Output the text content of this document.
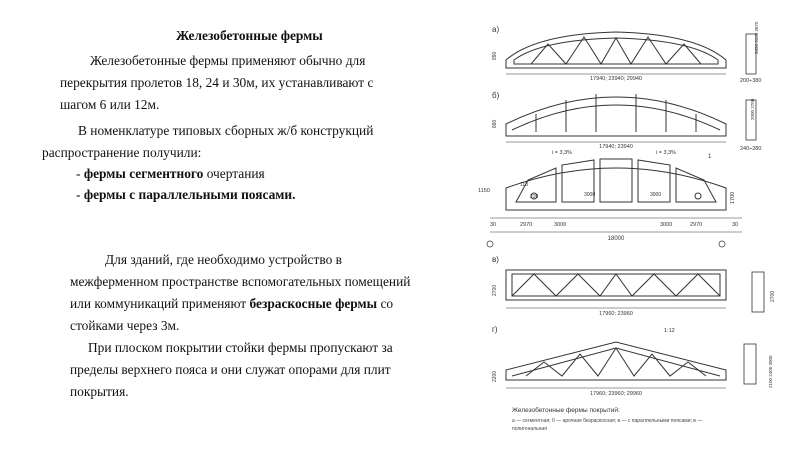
Железобетонные фермы
Железобетонные фермы применяют обычно для
перекрытия пролетов 18, 24 и 30м, их устанавливают с
шагом 6 или 12м.
В номенклатуре типовых сборных ж/б конструкций
распространение получили:
- фермы сегментного очертания
- фермы с параллельными поясами.
Для зданий, где необходимо устройство в
межферменном пространстве вспомогательных помещений
или коммуникаций применяют безраскосные фермы со
стойками через 3м.
При плоском покрытии стойки фермы пропускают за
пределы верхнего пояса и они служат опорами для плит
покрытия.
а)
890
17940; 23940; 29940
2630 3130 3875
200÷380
б)
890
17940; 23940
2000 2700
240÷280
i = 3,3%	i = 3,3%
1
1150
110
220	3000	3000	1700
30	2970	3000	3000	2970	30
18000
в)
2700
17960; 23960
2700
г)	1:12
2200
17960; 23960; 29960
2100 2400 3000
Железобетонные фермы покрытий:
а — сегментная; б — арочная безраскосная; в — с параллельными поясами; в —
полигональная
